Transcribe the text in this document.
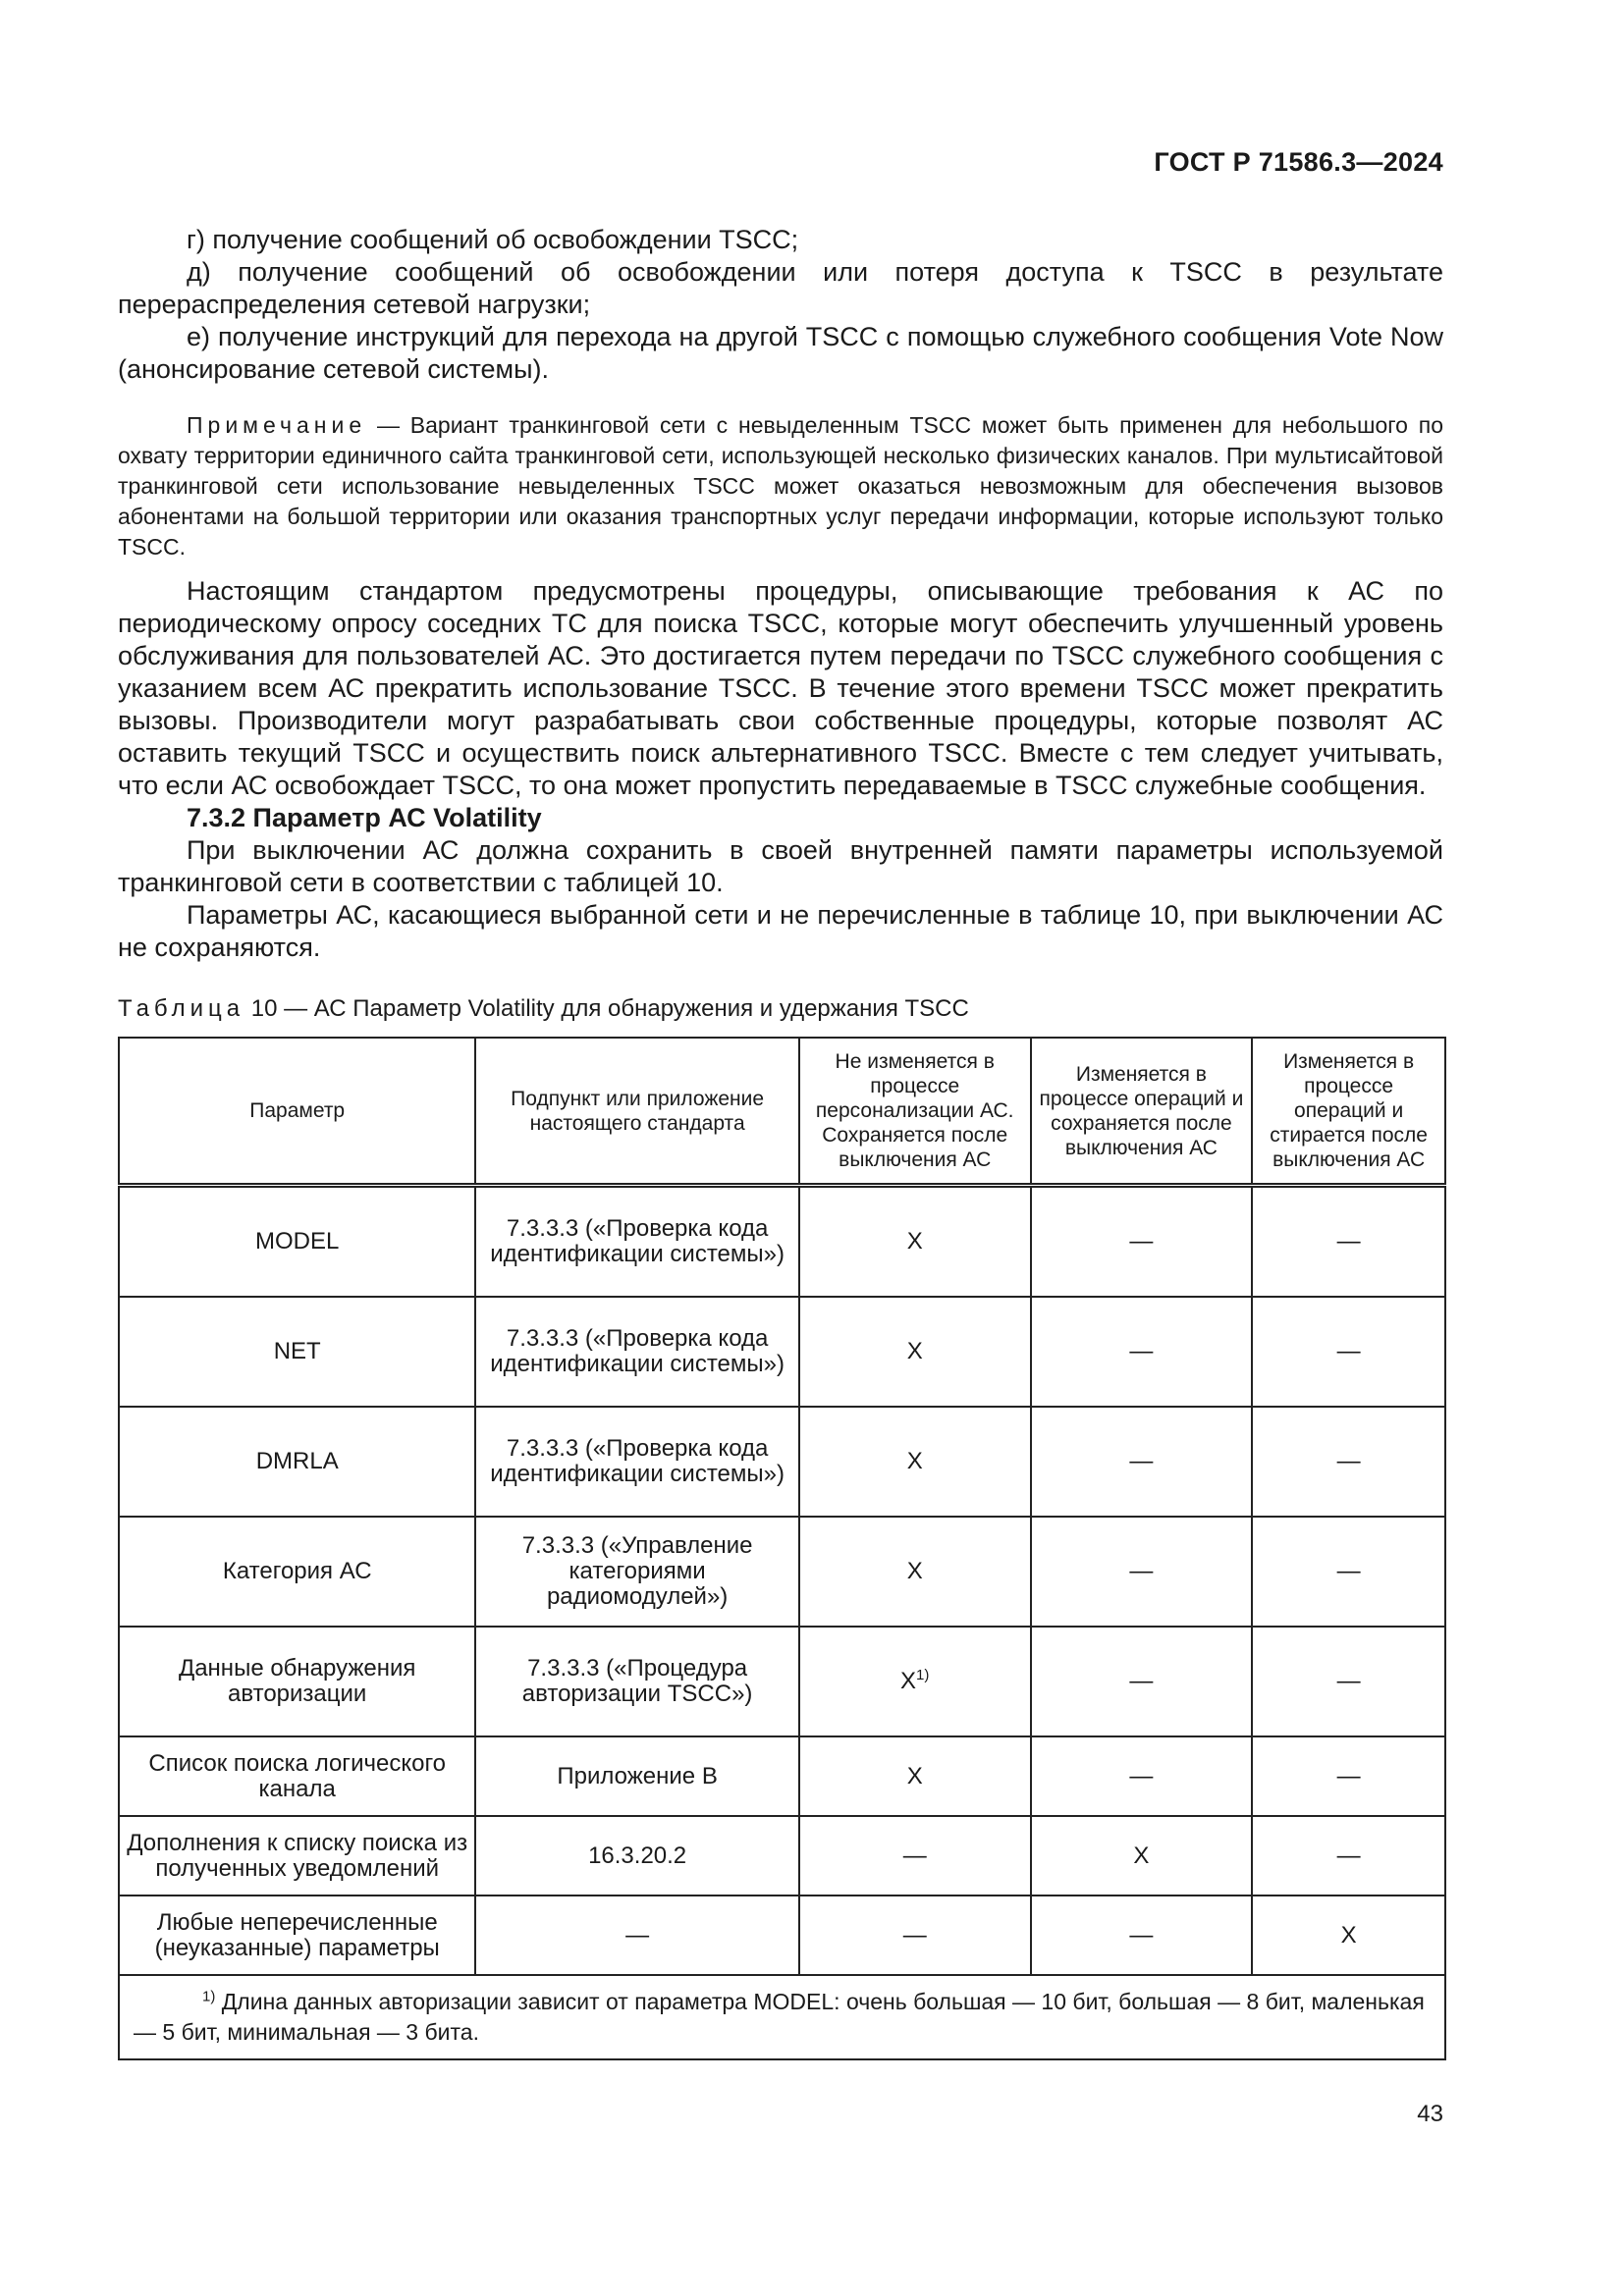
ГОСТ Р 71586.3—2024

г) получение сообщений об освобождении TSCC;

д) получение сообщений об освобождении или потеря доступа к TSCC в результате перераспределения сетевой нагрузки;

е) получение инструкций для перехода на другой TSCC с помощью служебного сообщения Vote Now (анонсирование сетевой системы).

Примечание — Вариант транкинговой сети с невыделенным TSCC может быть применен для небольшого по охвату территории единичного сайта транкинговой сети, использующей несколько физических каналов. При мультисайтовой транкинговой сети использование невыделенных TSCC может оказаться невозможным для обеспечения вызовов абонентами на большой территории или оказания транспортных услуг передачи информации, которые используют только TSCC.

Настоящим стандартом предусмотрены процедуры, описывающие требования к АС по периодическому опросу соседних ТС для поиска TSCC, которые могут обеспечить улучшенный уровень обслуживания для пользователей АС. Это достигается путем передачи по TSCC служебного сообщения с указанием всем АС прекратить использование TSCC. В течение этого времени TSCC может прекратить вызовы. Производители могут разрабатывать свои собственные процедуры, которые позволят АС оставить текущий TSCC и осуществить поиск альтернативного TSCC. Вместе с тем следует учитывать, что если АС освобождает TSCC, то она может пропустить передаваемые в TSCC служебные сообщения.

7.3.2 Параметр АС Volatility

При выключении АС должна сохранить в своей внутренней памяти параметры используемой транкинговой сети в соответствии с таблицей 10.

Параметры АС, касающиеся выбранной сети и не перечисленные в таблице 10, при выключении АС не сохраняются.

Таблица 10 — АС Параметр Volatility для обнаружения и удержания TSCC
Параметр	Подпункт или приложение настоящего стандарта	Не изменяется в процессе персонализации АС. Сохраняется после выключения АС	Изменяется в процессе операций и сохраняется после выключения АС	Изменяется в процессе операций и стирается после выключения АС
MODEL	7.3.3.3 («Проверка кода идентификации системы»)	X	—	—
NET	7.3.3.3 («Проверка кода идентификации системы»)	X	—	—
DMRLA	7.3.3.3 («Проверка кода идентификации системы»)	X	—	—
Категория АС	7.3.3.3 («Управление категориями радиомодулей»)	X	—	—
Данные обнаружения авторизации	7.3.3.3 («Процедура авторизации TSCC»)	$X^{1)}$	—	—
Список поиска логического канала	Приложение В	X	—	—
Дополнения к списку поиска из полученных уведомлений	16.3.20.2	—	X	—
Любые неперечисленные (неуказанные) параметры	—	—	—	X

$^{1)}$ Длина данных авторизации зависит от параметра MODEL: очень большая — 10 бит, большая — 8 бит, маленькая — 5 бит, минимальная — 3 бита.				
43
